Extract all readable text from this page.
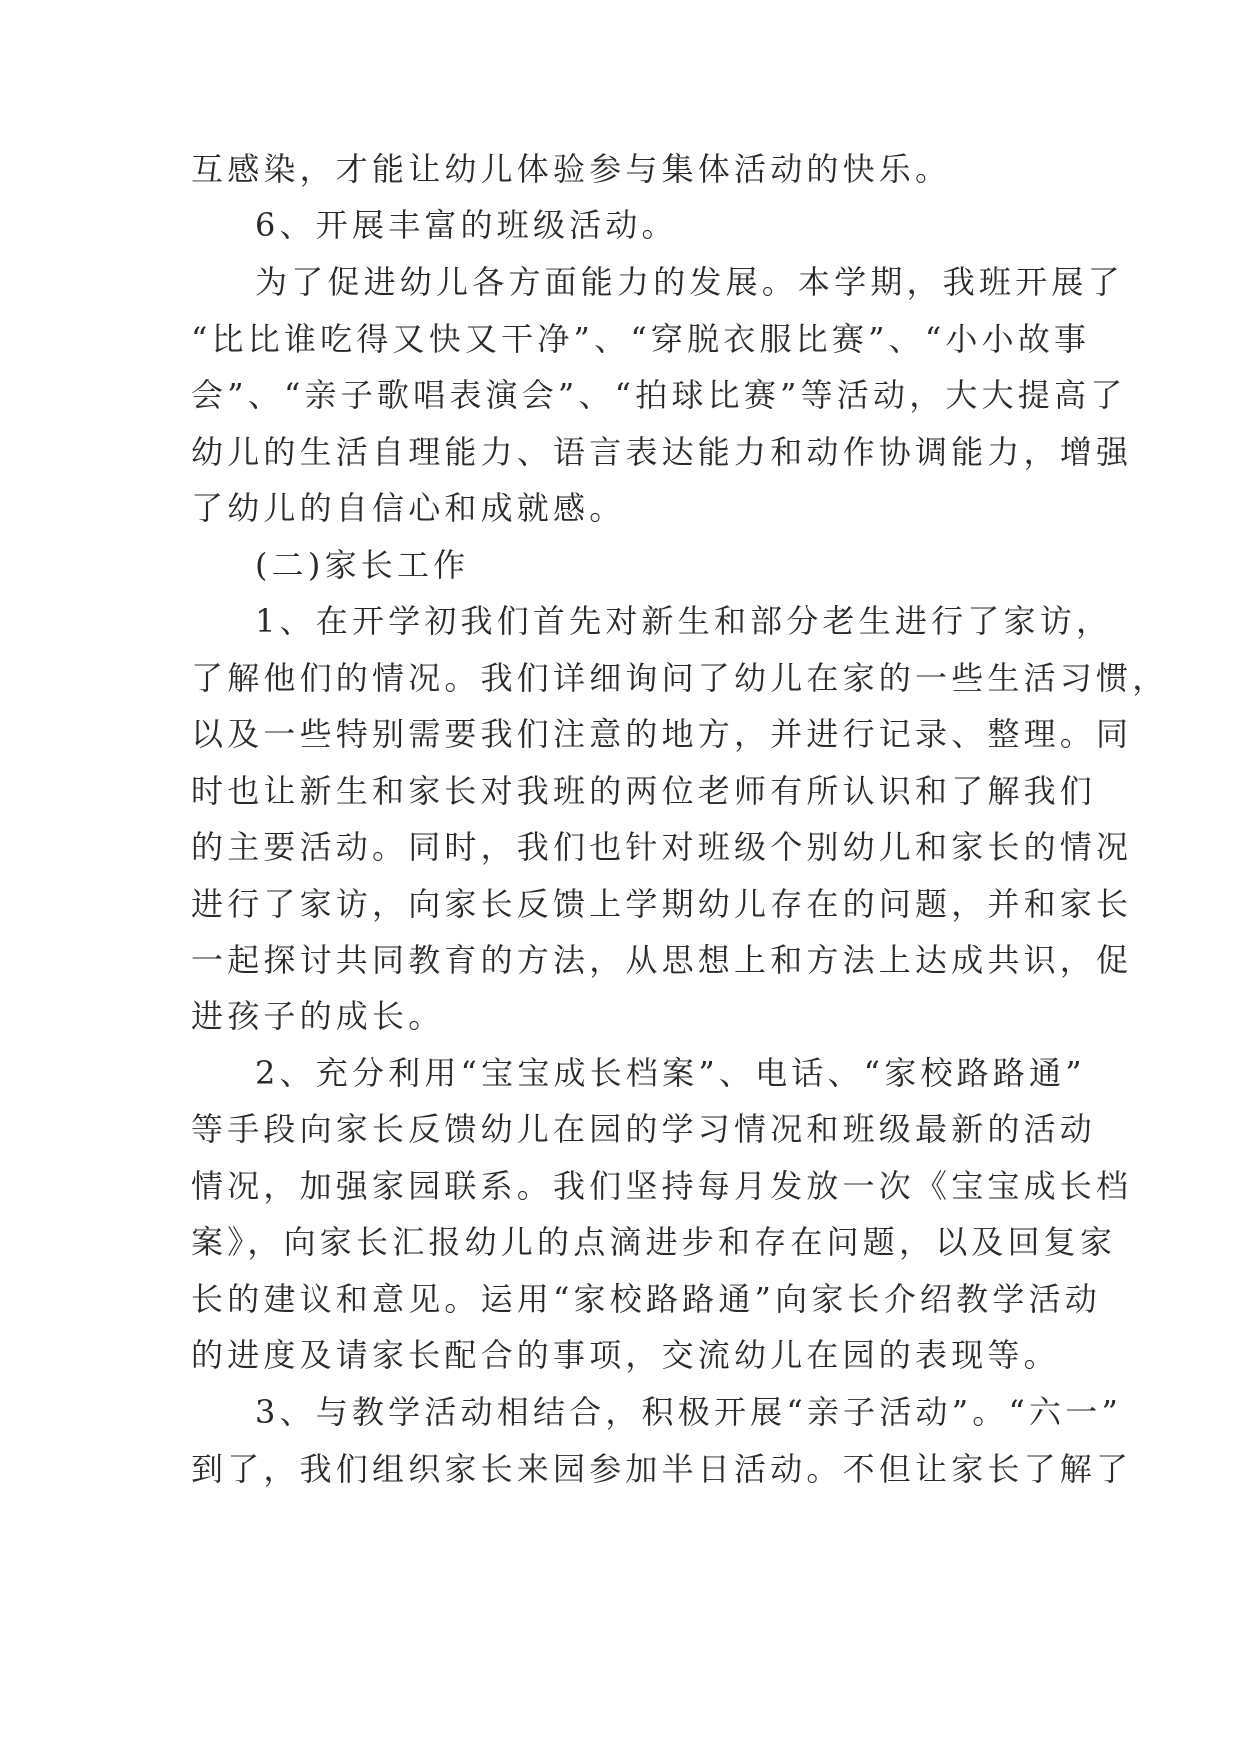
互感染，才能让幼儿体验参与集体活动的快乐。

6、开展丰富的班级活动。

为了促进幼儿各方面能力的发展。本学期，我班开展了

“比比谁吃得又快又干净”、“穿脱衣服比赛”、“小小故事

会”、“亲子歌唱表演会”、“拍球比赛”等活动，大大提高了

幼儿的生活自理能力、语言表达能力和动作协调能力，增强

了幼儿的自信心和成就感。

(二)家长工作

1、在开学初我们首先对新生和部分老生进行了家访，

了解他们的情况。我们详细询问了幼儿在家的一些生活习惯，

以及一些特别需要我们注意的地方，并进行记录、整理。同

时也让新生和家长对我班的两位老师有所认识和了解我们

的主要活动。同时，我们也针对班级个别幼儿和家长的情况

进行了家访，向家长反馈上学期幼儿存在的问题，并和家长

一起探讨共同教育的方法，从思想上和方法上达成共识，促

进孩子的成长。

2、充分利用“宝宝成长档案”、电话、“家校路路通”

等手段向家长反馈幼儿在园的学习情况和班级最新的活动

情况，加强家园联系。我们坚持每月发放一次《宝宝成长档

案》，向家长汇报幼儿的点滴进步和存在问题，以及回复家

长的建议和意见。运用“家校路路通”向家长介绍教学活动

的进度及请家长配合的事项，交流幼儿在园的表现等。

3、与教学活动相结合，积极开展“亲子活动”。“六一”

到了，我们组织家长来园参加半日活动。不但让家长了解了
